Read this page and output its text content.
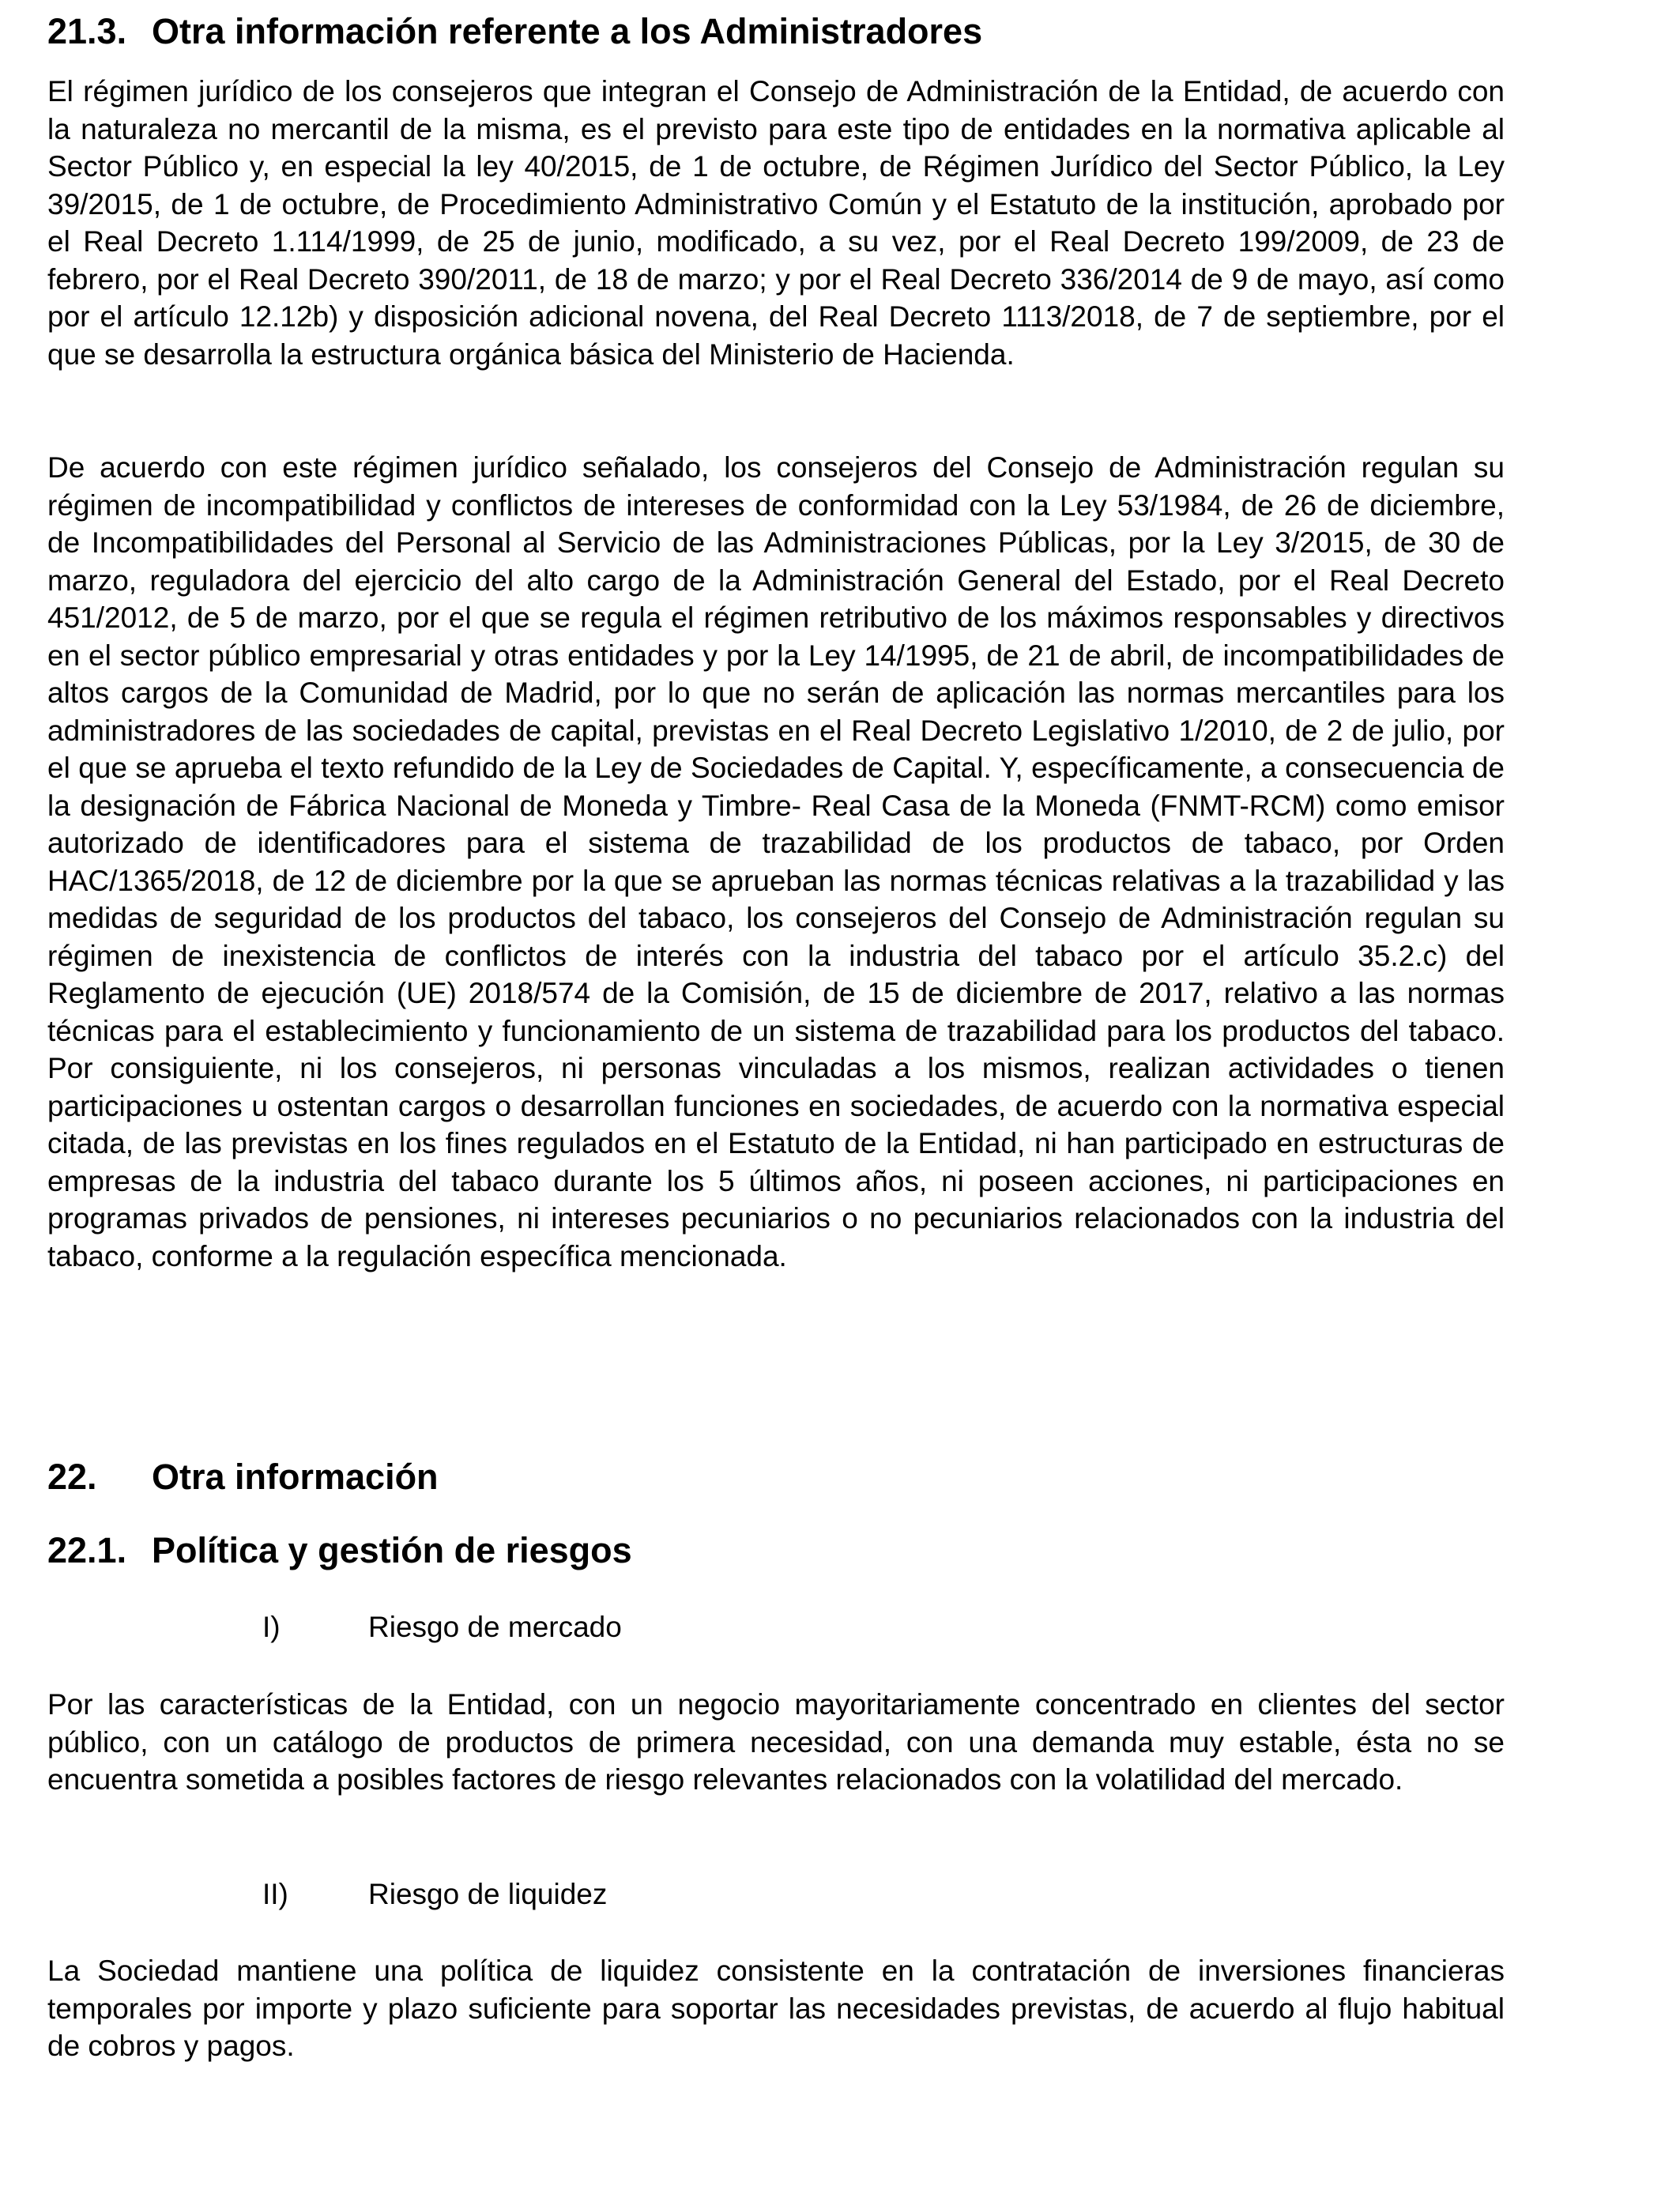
21.3. Otra información referente a los Administradores

El régimen jurídico de los consejeros que integran el Consejo de Administración de la Entidad, de acuerdo con la naturaleza no mercantil de la misma, es el previsto para este tipo de entidades en la normativa aplicable al Sector Público y, en especial la ley 40/2015, de 1 de octubre, de Régimen Jurídico del Sector Público, la Ley 39/2015, de 1 de octubre, de Procedimiento Administrativo Común y el Estatuto de la institución, aprobado por el Real Decreto 1.114/1999, de 25 de junio, modificado, a su vez, por el Real Decreto 199/2009, de 23 de febrero, por el Real Decreto 390/2011, de 18 de marzo; y por el Real Decreto 336/2014 de 9 de mayo, así como por el artículo 12.12b) y disposición adicional novena, del Real Decreto 1113/2018, de 7 de septiembre, por el que se desarrolla la estructura orgánica básica del Ministerio de Hacienda.

De acuerdo con este régimen jurídico señalado, los consejeros del Consejo de Administración regulan su régimen de incompatibilidad y conflictos de intereses de conformidad con la Ley 53/1984, de 26 de diciembre, de Incompatibilidades del Personal al Servicio de las Administraciones Públicas, por la Ley 3/2015, de 30 de marzo, reguladora del ejercicio del alto cargo de la Administración General del Estado, por el Real Decreto 451/2012, de 5 de marzo, por el que se regula el régimen retributivo de los máximos responsables y directivos en el sector público empresarial y otras entidades y por la Ley 14/1995, de 21 de abril, de incompatibilidades de altos cargos de la Comunidad de Madrid, por lo que no serán de aplicación las normas mercantiles para los administradores de las sociedades de capital, previstas en el Real Decreto Legislativo 1/2010, de 2 de julio, por el que se aprueba el texto refundido de la Ley de Sociedades de Capital. Y, específicamente, a consecuencia de la designación de Fábrica Nacional de Moneda y Timbre- Real Casa de la Moneda (FNMT-RCM) como emisor autorizado de identificadores para el sistema de trazabilidad de los productos de tabaco, por Orden HAC/1365/2018, de 12 de diciembre por la que se aprueban las normas técnicas relativas a la trazabilidad y las medidas de seguridad de los productos del tabaco, los consejeros del Consejo de Administración regulan su régimen de inexistencia de conflictos de interés con la industria del tabaco por el artículo 35.2.c) del Reglamento de ejecución (UE) 2018/574 de la Comisión, de 15 de diciembre de 2017, relativo a las normas técnicas para el establecimiento y funcionamiento de un sistema de trazabilidad para los productos del tabaco. Por consiguiente, ni los consejeros, ni personas vinculadas a los mismos, realizan actividades o tienen participaciones u ostentan cargos o desarrollan funciones en sociedades, de acuerdo con la normativa especial citada, de las previstas en los fines regulados en el Estatuto de la Entidad, ni han participado en estructuras de empresas de la industria del tabaco durante los 5 últimos años, ni poseen acciones, ni participaciones en programas privados de pensiones, ni intereses pecuniarios o no pecuniarios relacionados con la industria del tabaco, conforme a la regulación específica mencionada.

22. Otra información
22.1. Política y gestión de riesgos
I)	Riesgo de mercado

Por las características de la Entidad, con un negocio mayoritariamente concentrado en clientes del sector público, con un catálogo de productos de primera necesidad, con una demanda muy estable, ésta no se encuentra sometida a posibles factores de riesgo relevantes relacionados con la volatilidad del mercado.

II)	Riesgo de liquidez

La Sociedad mantiene una política de liquidez consistente en la contratación de inversiones financieras temporales por importe y plazo suficiente para soportar las necesidades previstas, de acuerdo al flujo habitual de cobros y pagos.
